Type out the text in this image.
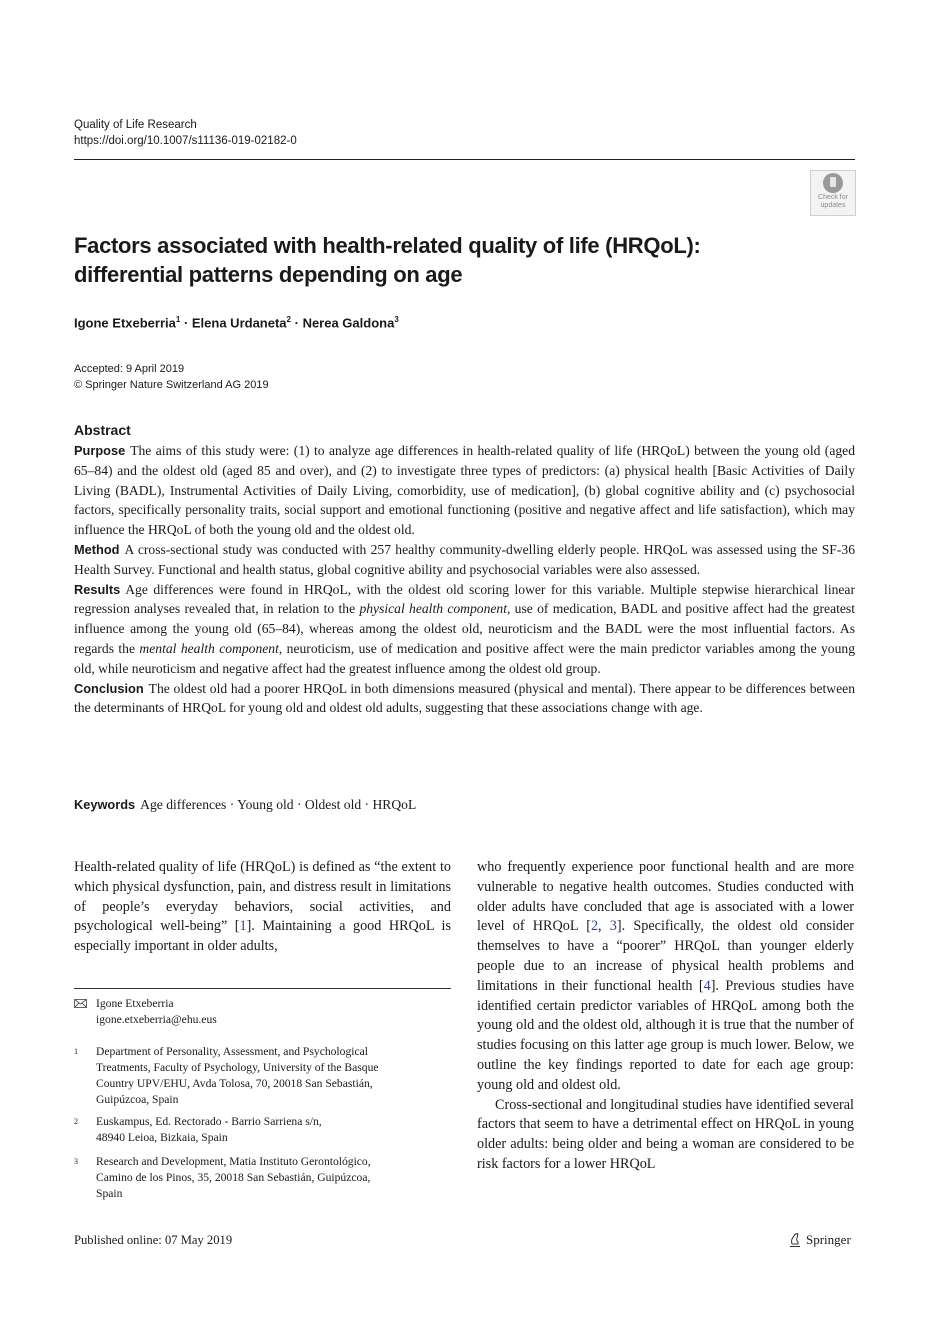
Quality of Life Research
https://doi.org/10.1007/s11136-019-02182-0
Check for
updates
Factors associated with health-related quality of life (HRQoL):
differential patterns depending on age
Igone Etxeberria$^1$ · Elena Urdaneta$^2$ · Nerea Galdona$^3$
Accepted: 9 April 2019
© Springer Nature Switzerland AG 2019
Abstract

Purpose The aims of this study were: (1) to analyze age differences in health-related quality of life (HRQoL) between the young old (aged 65–84) and the oldest old (aged 85 and over), and (2) to investigate three types of predictors: (a) physical health [Basic Activities of Daily Living (BADL), Instrumental Activities of Daily Living, comorbidity, use of medication], (b) global cognitive ability and (c) psychosocial factors, specifically personality traits, social support and emotional functioning (positive and negative affect and life satisfaction), which may influence the HRQoL of both the young old and the oldest old.

Method A cross-sectional study was conducted with 257 healthy community-dwelling elderly people. HRQoL was assessed using the SF-36 Health Survey. Functional and health status, global cognitive ability and psychosocial variables were also assessed.

Results Age differences were found in HRQoL, with the oldest old scoring lower for this variable. Multiple stepwise hierarchical linear regression analyses revealed that, in relation to the physical health component, use of medication, BADL and positive affect had the greatest influence among the young old (65–84), whereas among the oldest old, neuroticism and the BADL were the most influential factors. As regards the mental health component, neuroticism, use of medication and positive affect were the main predictor variables among the young old, while neuroticism and negative affect had the greatest influence among the oldest old group.

Conclusion The oldest old had a poorer HRQoL in both dimensions measured (physical and mental). There appear to be differences between the determinants of HRQoL for young old and oldest old adults, suggesting that these associations change with age.

Keywords Age differences · Young old · Oldest old · HRQoL

Health-related quality of life (HRQoL) is defined as “the extent to which physical dysfunction, pain, and distress result in limitations of people’s everyday behaviors, social activities, and psychological well-being” [1]. Maintaining a good HRQoL is especially important in older adults,

who frequently experience poor functional health and are more vulnerable to negative health outcomes. Studies conducted with older adults have concluded that age is associated with a lower level of HRQoL [2, 3]. Specifically, the oldest old consider themselves to have a “poorer” HRQoL than younger elderly people due to an increase of physical health problems and limitations in their functional health [4]. Previous studies have identified certain predictor variables of HRQoL among both the young old and the oldest old, although it is true that the number of studies focusing on this latter age group is much lower. Below, we outline the key findings reported to date for each age group: young old and oldest old.

Cross-sectional and longitudinal studies have identified several factors that seem to have a detrimental effect on HRQoL in young older adults: being older and being a woman are considered to be risk factors for a lower HRQoL

Igone Etxeberria
igone.etxeberria@ehu.eus
1 Department of Personality, Assessment, and Psychological
Treatments, Faculty of Psychology, University of the Basque
Country UPV/EHU, Avda Tolosa, 70, 20018 San Sebastián,
Guipúzcoa, Spain
2 Euskampus, Ed. Rectorado - Barrio Sarriena s/n,
48940 Leioa, Bizkaia, Spain
3 Research and Development, Matia Instituto Gerontológico,
Camino de los Pinos, 35, 20018 San Sebastián, Guipúzcoa,
Spain
Published online: 07 May 2019	Springer
